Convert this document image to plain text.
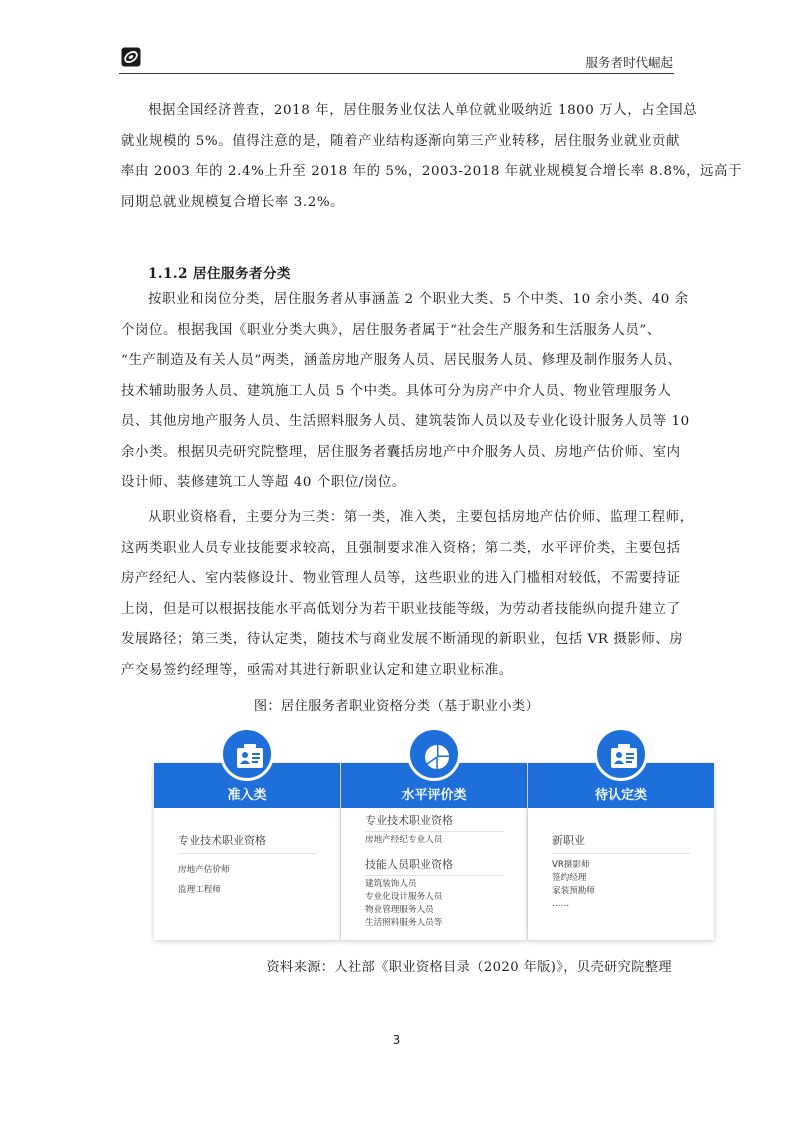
服务者时代崛起
根据全国经济普查，2018 年，居住服务业仅法人单位就业吸纳近 1800 万人，占全国总
就业规模的 5%。值得注意的是，随着产业结构逐渐向第三产业转移，居住服务业就业贡献
率由 2003 年的 2.4%上升至 2018 年的 5%，2003-2018 年就业规模复合增长率 8.8%，远高于
同期总就业规模复合增长率 3.2%。
1.1.2 居住服务者分类
按职业和岗位分类，居住服务者从事涵盖 2 个职业大类、5 个中类、10 余小类、40 余
个岗位。根据我国《职业分类大典》，居住服务者属于“社会生产服务和生活服务人员”、
“生产制造及有关人员”两类，涵盖房地产服务人员、居民服务人员、修理及制作服务人员、
技术辅助服务人员、建筑施工人员 5 个中类。具体可分为房产中介人员、物业管理服务人
员、其他房地产服务人员、生活照料服务人员、建筑装饰人员以及专业化设计服务人员等 10
余小类。根据贝壳研究院整理，居住服务者囊括房地产中介服务人员、房地产估价师、室内
设计师、装修建筑工人等超 40 个职位/岗位。
从职业资格看，主要分为三类：第一类，准入类，主要包括房地产估价师、监理工程师，
这两类职业人员专业技能要求较高，且强制要求准入资格；第二类，水平评价类，主要包括
房产经纪人、室内装修设计、物业管理人员等，这些职业的进入门槛相对较低，不需要持证
上岗，但是可以根据技能水平高低划分为若干职业技能等级，为劳动者技能纵向提升建立了
发展路径；第三类，待认定类，随技术与商业发展不断涌现的新职业，包括 VR 摄影师、房
产交易签约经理等，亟需对其进行新职业认定和建立职业标准。
图：居住服务者职业资格分类（基于职业小类）
准入类
专业技术职业资格
房地产估价师
监理工程师
水平评价类
专业技术职业资格
房地产经纪专业人员
技能人员职业资格
建筑装饰人员
专业化设计服务人员
物业管理服务人员
生活照料服务人员等
待认定类
新职业
VR摄影师
签约经理
家装预勘师
……
资料来源：人社部《职业资格目录（2020 年版)》，贝壳研究院整理
3
